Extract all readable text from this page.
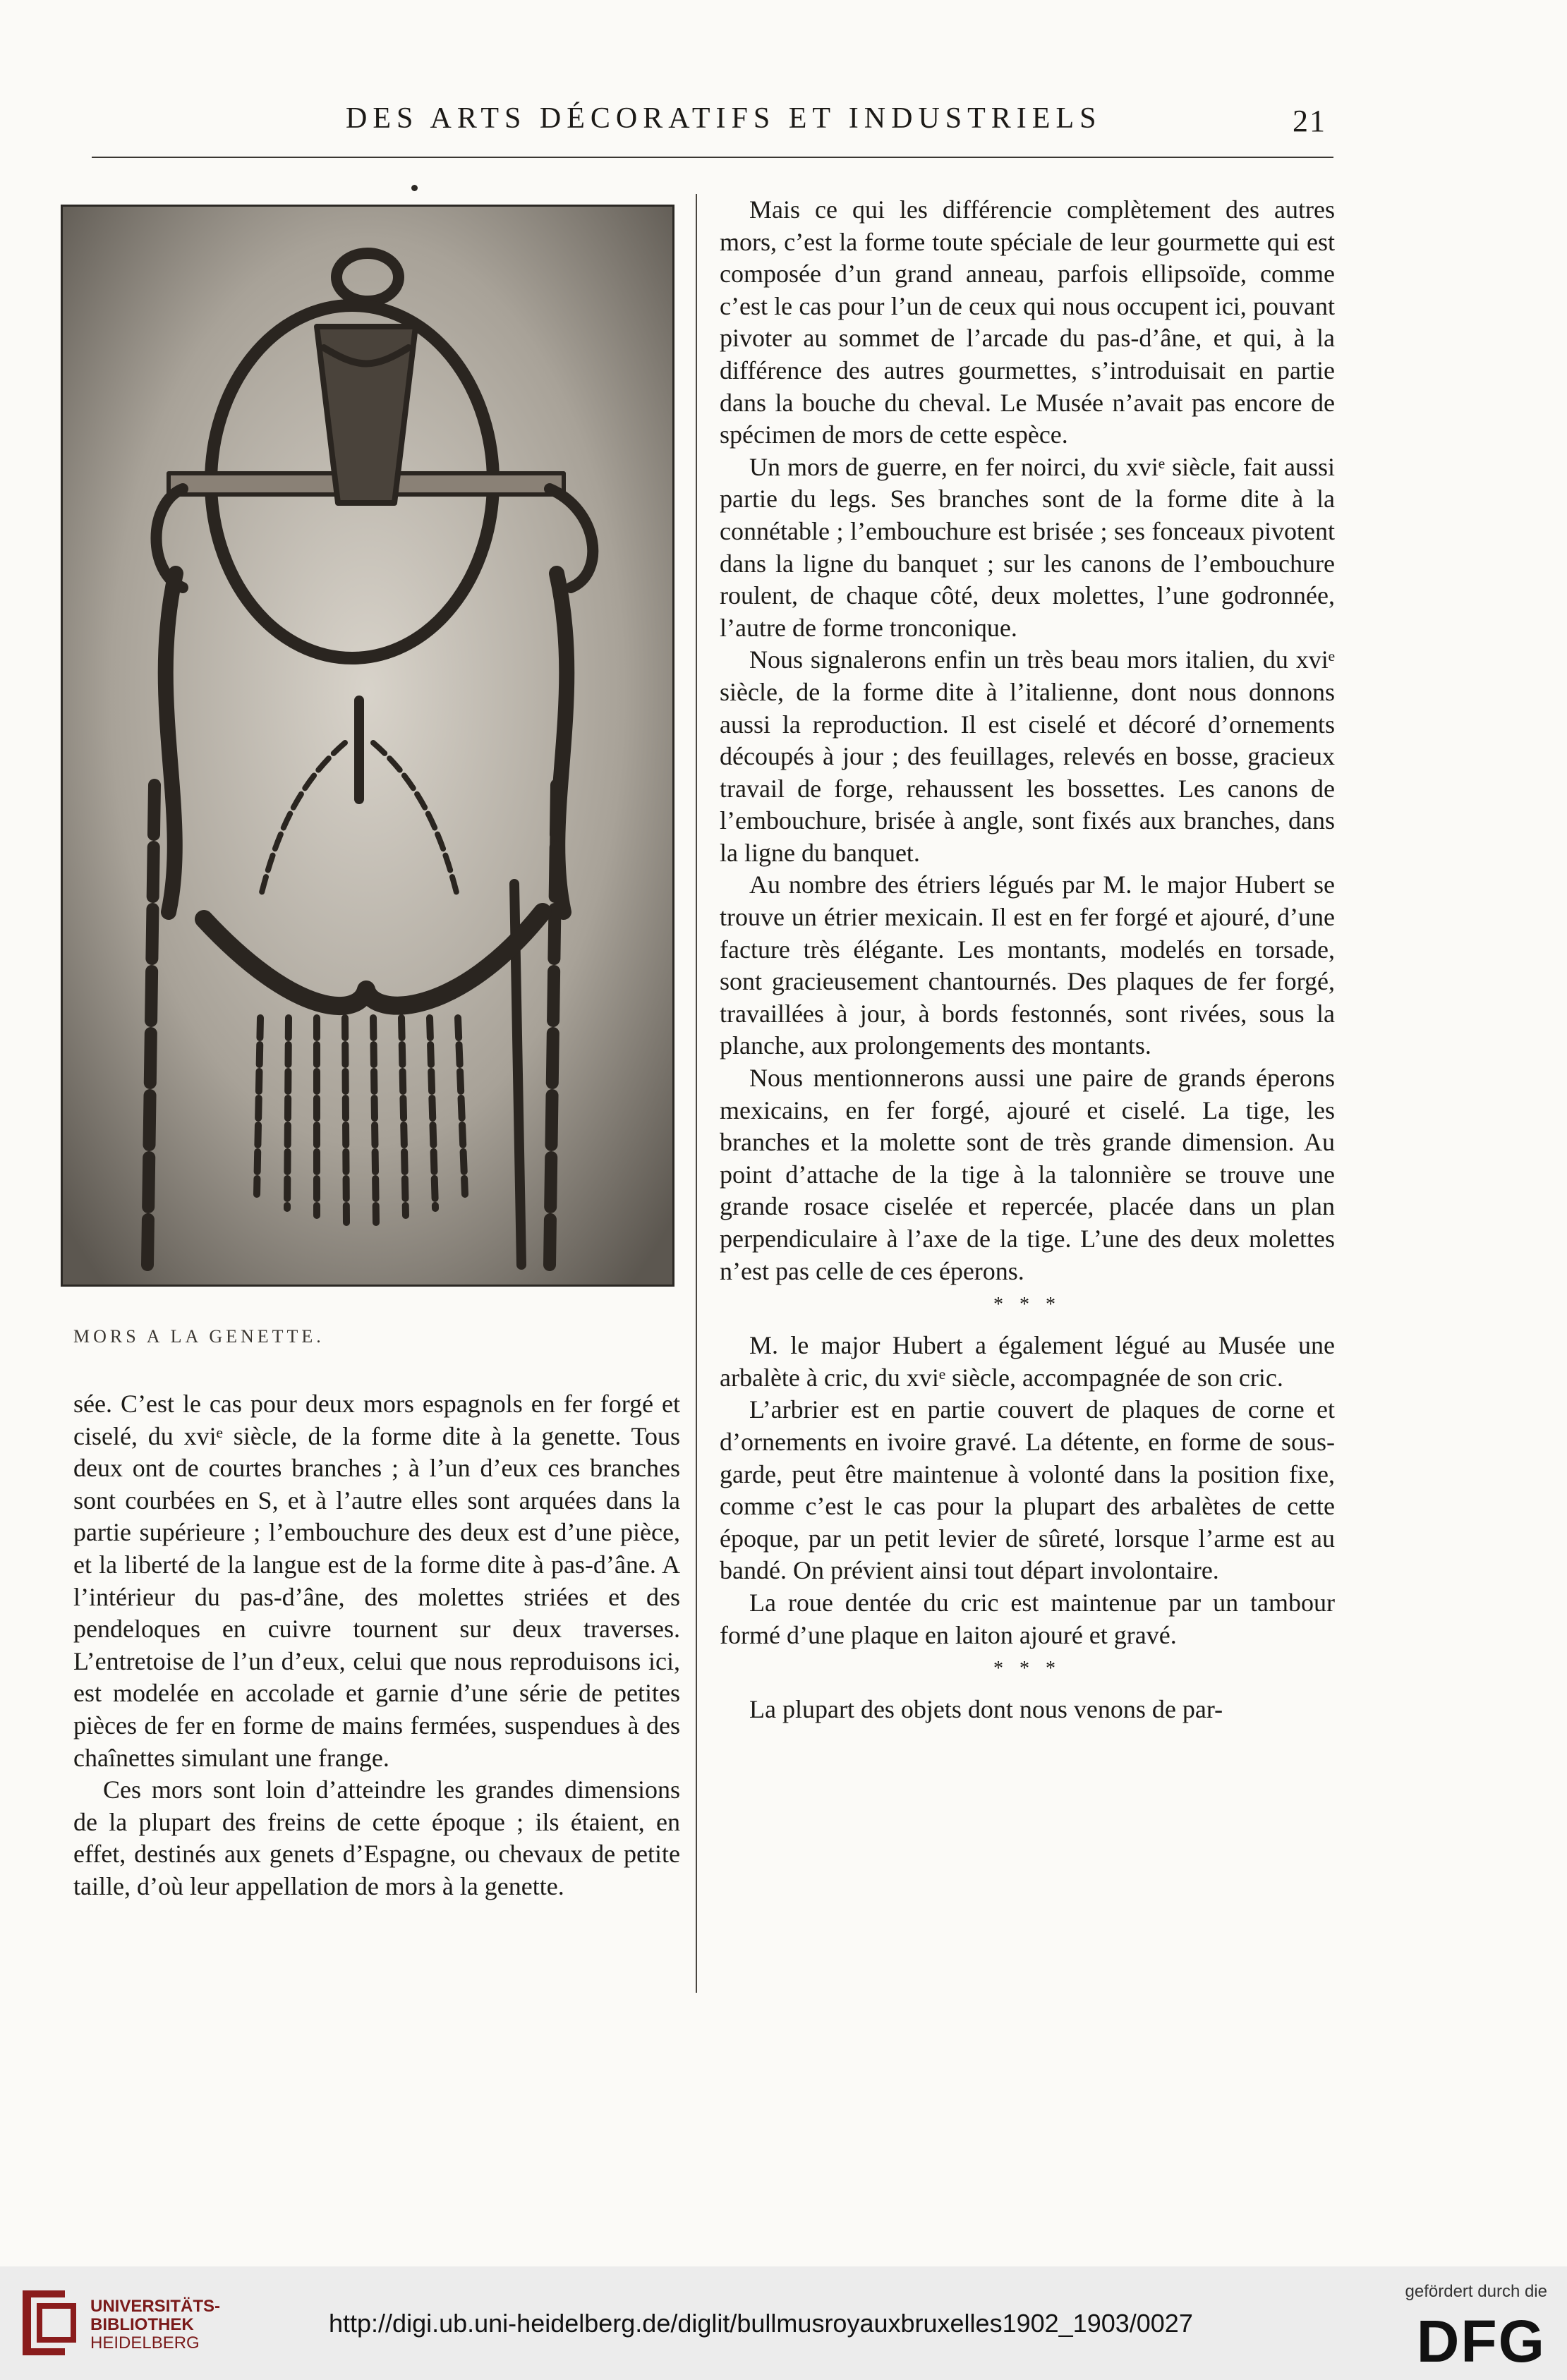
DES ARTS DÉCORATIFS ET INDUSTRIELS	21
MORS A LA GENETTE.

sée. C’est le cas pour deux mors espagnols en fer forgé et ciselé, du xviᵉ siècle, de la forme dite à la genette. Tous deux ont de courtes branches ; à l’un d’eux ces branches sont courbées en S, et à l’autre elles sont arquées dans la partie supérieure ; l’embouchure des deux est d’une pièce, et la liberté de la langue est de la forme dite à pas-d’âne. A l’intérieur du pas-d’âne, des molettes striées et des pendeloques en cuivre tournent sur deux traverses. L’entretoise de l’un d’eux, celui que nous reproduisons ici, est modelée en accolade et garnie d’une série de petites pièces de fer en forme de mains fermées, suspendues à des chaînettes simulant une frange.

Ces mors sont loin d’atteindre les grandes dimensions de la plupart des freins de cette époque ; ils étaient, en effet, destinés aux genets d’Espagne, ou chevaux de petite taille, d’où leur appellation de mors à la genette.

Mais ce qui les différencie complètement des autres mors, c’est la forme toute spéciale de leur gourmette qui est composée d’un grand anneau, parfois ellipsoïde, comme c’est le cas pour l’un de ceux qui nous occupent ici, pouvant pivoter au sommet de l’arcade du pas-d’âne, et qui, à la différence des autres gourmettes, s’introduisait en partie dans la bouche du cheval. Le Musée n’avait pas encore de spécimen de mors de cette espèce.

Un mors de guerre, en fer noirci, du xviᵉ siècle, fait aussi partie du legs. Ses branches sont de la forme dite à la connétable ; l’embouchure est brisée ; ses fonceaux pivotent dans la ligne du banquet ; sur les canons de l’embouchure roulent, de chaque côté, deux molettes, l’une godronnée, l’autre de forme tronconique.

Nous signalerons enfin un très beau mors italien, du xviᵉ siècle, de la forme dite à l’italienne, dont nous donnons aussi la reproduction. Il est ciselé et décoré d’ornements découpés à jour ; des feuillages, relevés en bosse, gracieux travail de forge, rehaussent les bossettes. Les canons de l’embouchure, brisée à angle, sont fixés aux branches, dans la ligne du banquet.

Au nombre des étriers légués par M. le major Hubert se trouve un étrier mexicain. Il est en fer forgé et ajouré, d’une facture très élégante. Les montants, modelés en torsade, sont gracieusement chantournés. Des plaques de fer forgé, travaillées à jour, à bords festonnés, sont rivées, sous la planche, aux prolongements des montants.

Nous mentionnerons aussi une paire de grands éperons mexicains, en fer forgé, ajouré et ciselé. La tige, les branches et la molette sont de très grande dimension. Au point d’attache de la tige à la talonnière se trouve une grande rosace ciselée et repercée, placée dans un plan perpendiculaire à l’axe de la tige. L’une des deux molettes n’est pas celle de ces éperons.

* * *

M. le major Hubert a également légué au Musée une arbalète à cric, du xviᵉ siècle, accompagnée de son cric.

L’arbrier est en partie couvert de plaques de corne et d’ornements en ivoire gravé. La détente, en forme de sous-garde, peut être maintenue à volonté dans la position fixe, comme c’est le cas pour la plupart des arbalètes de cette époque, par un petit levier de sûreté, lorsque l’arme est au bandé. On prévient ainsi tout départ involontaire.

La roue dentée du cric est maintenue par un tambour formé d’une plaque en laiton ajouré et gravé.

* * *

La plupart des objets dont nous venons de par-

UNIVERSITÄTS-
BIBLIOTHEK
HEIDELBERG
http://digi.ub.uni-heidelberg.de/diglit/bullmusroyauxbruxelles1902_1903/0027
gefördert durch die
DFG
